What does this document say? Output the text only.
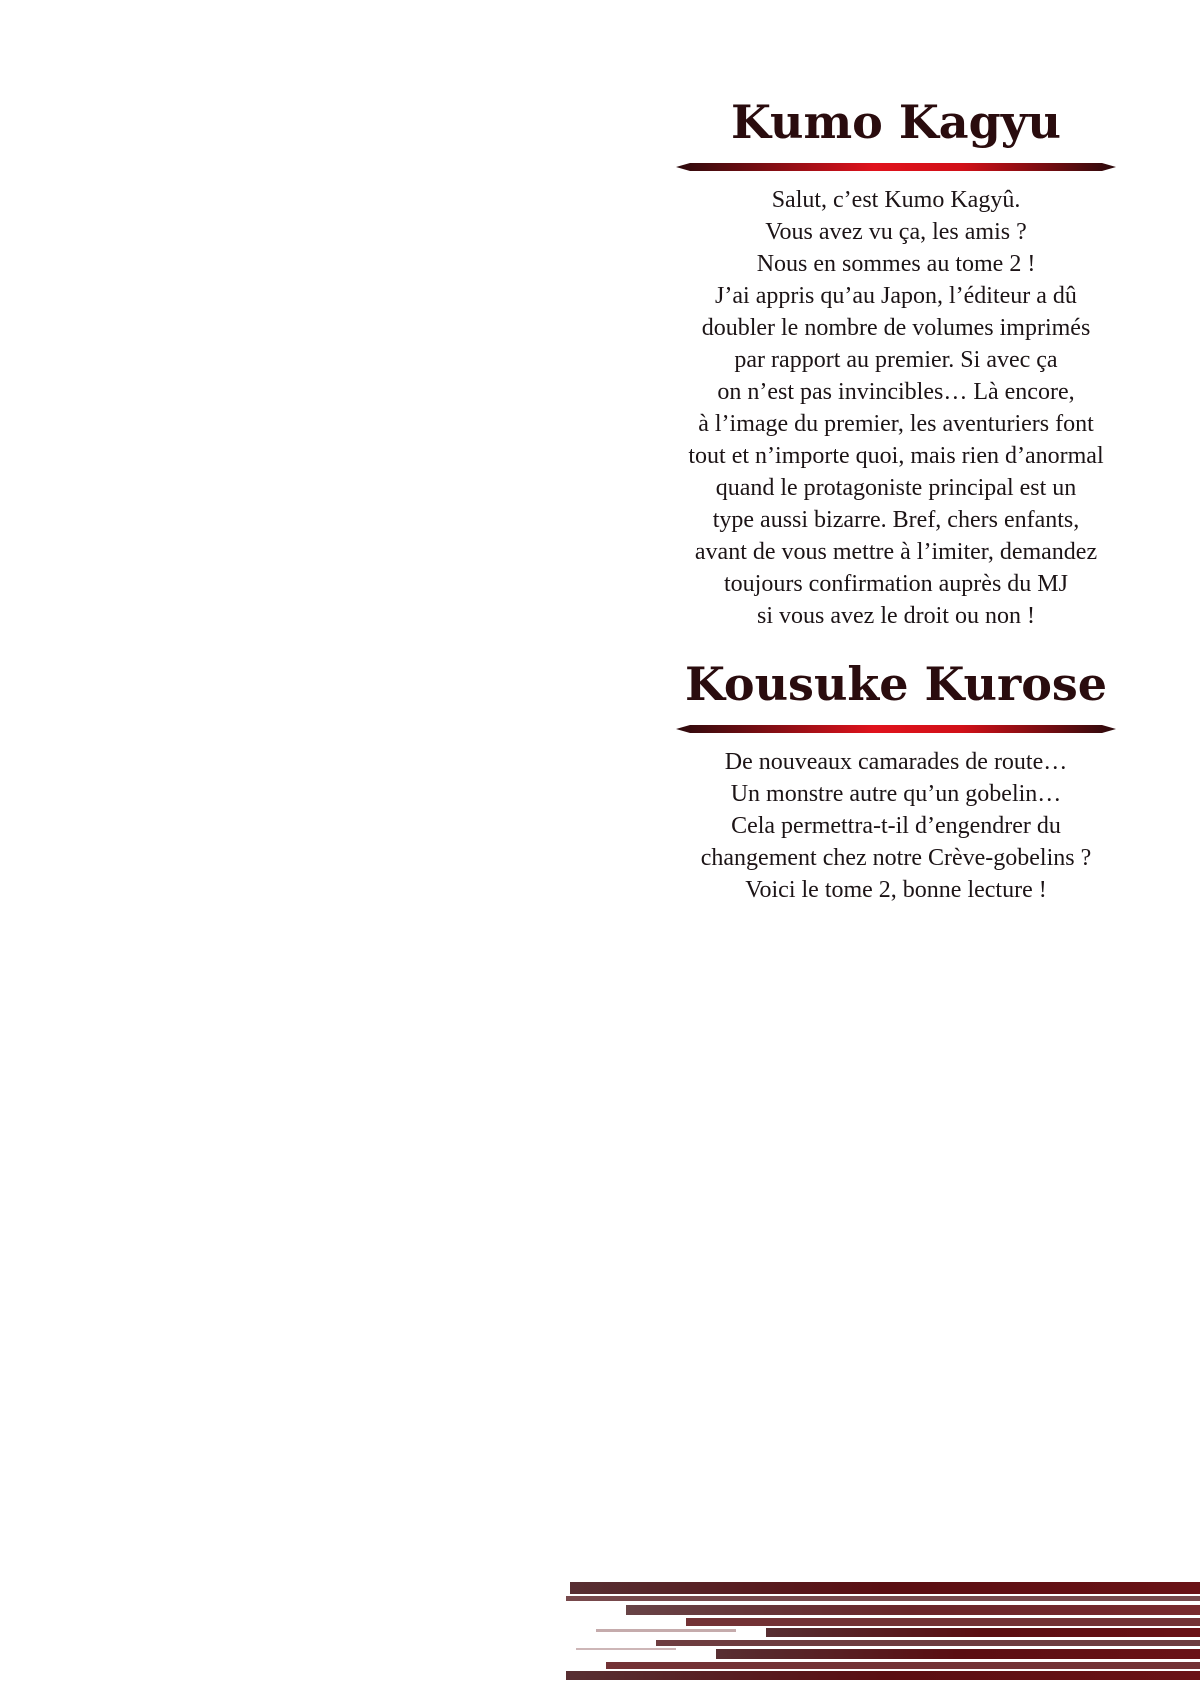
Kumo Kagyu
Salut, c’est Kumo Kagyû.
Vous avez vu ça, les amis ?
Nous en sommes au tome 2 !
J’ai appris qu’au Japon, l’éditeur a dû
doubler le nombre de volumes imprimés
par rapport au premier. Si avec ça
on n’est pas invincibles… Là encore,
à l’image du premier, les aventuriers font
tout et n’importe quoi, mais rien d’anormal
quand le protagoniste principal est un
type aussi bizarre. Bref, chers enfants,
avant de vous mettre à l’imiter, demandez
toujours confirmation auprès du MJ
si vous avez le droit ou non !
Kousuke Kurose
De nouveaux camarades de route…
Un monstre autre qu’un gobelin…
Cela permettra-t-il d’engendrer du
changement chez notre Crève-gobelins ?
Voici le tome 2, bonne lecture !
